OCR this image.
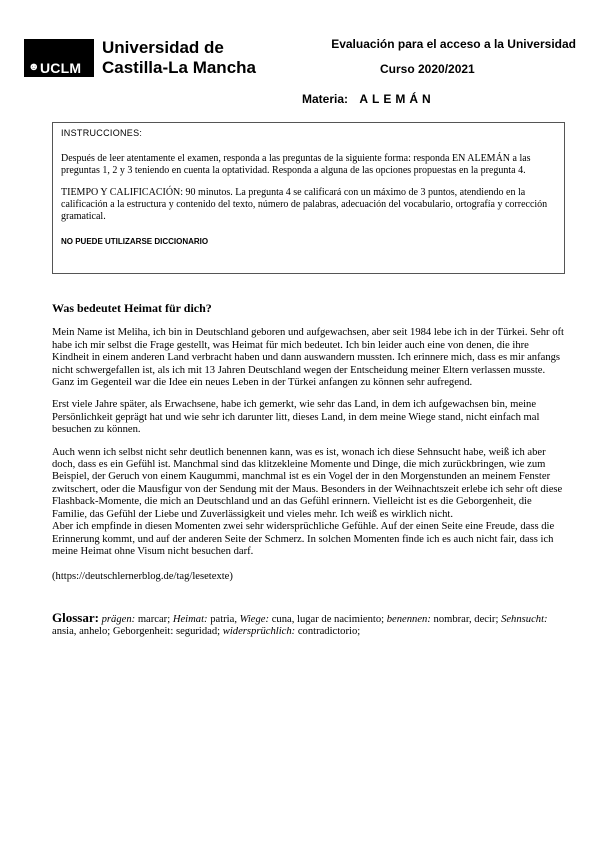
☻ UCLM
Universidad de
Castilla-La Mancha
Evaluación para el acceso a la Universidad
Curso 2020/2021
Materia: ALEMÁN
INSTRUCCIONES:

Después de leer atentamente el examen, responda a las preguntas de la siguiente forma: responda EN ALEMÁN a las preguntas 1, 2 y 3 teniendo en cuenta la optatividad. Responda a alguna de las opciones propuestas en la pregunta 4.

TIEMPO Y CALIFICACIÓN: 90 minutos. La pregunta 4 se calificará con un máximo de 3 puntos, atendiendo en la calificación a la estructura y contenido del texto, número de palabras, adecuación del vocabulario, ortografía y corrección gramatical.

NO PUEDE UTILIZARSE DICCIONARIO
Was bedeutet Heimat für dich?

Mein Name ist Meliha, ich bin in Deutschland geboren und aufgewachsen, aber seit 1984 lebe ich in der Türkei. Sehr oft habe ich mir selbst die Frage gestellt, was Heimat für mich bedeutet. Ich bin leider auch eine von denen, die ihre Kindheit in einem anderen Land verbracht haben und dann auswandern mussten. Ich erinnere mich, dass es mir anfangs nicht schwergefallen ist, als ich mit 13 Jahren Deutschland wegen der Entscheidung meiner Eltern verlassen musste. Ganz im Gegenteil war die Idee ein neues Leben in der Türkei anfangen zu können sehr aufregend.

Erst viele Jahre später, als Erwachsene, habe ich gemerkt, wie sehr das Land, in dem ich aufgewachsen bin, meine Persönlichkeit geprägt hat und wie sehr ich darunter litt, dieses Land, in dem meine Wiege stand, nicht einfach mal besuchen zu können.

Auch wenn ich selbst nicht sehr deutlich benennen kann, was es ist, wonach ich diese Sehnsucht habe, weiß ich aber doch, dass es ein Gefühl ist. Manchmal sind das klitzekleine Momente und Dinge, die mich zurückbringen, wie zum Beispiel, der Geruch von einem Kaugummi, manchmal ist es ein Vogel der in den Morgenstunden an meinem Fenster zwitschert, oder die Mausfigur von der Sendung mit der Maus. Besonders in der Weihnachtszeit erlebe ich sehr oft diese Flashback-Momente, die mich an Deutschland und an das Gefühl erinnern. Vielleicht ist es die Geborgenheit, die Familie, das Gefühl der Liebe und Zuverlässigkeit und vieles mehr. Ich weiß es wirklich nicht.

Aber ich empfinde in diesen Momenten zwei sehr widersprüchliche Gefühle. Auf der einen Seite eine Freude, dass die Erinnerung kommt, und auf der anderen Seite der Schmerz. In solchen Momenten finde ich es auch nicht fair, dass ich meine Heimat ohne Visum nicht besuchen darf.

(https://deutschlernerblog.de/tag/lesetexte)

Glossar: prägen: marcar; Heimat: patria, Wiege: cuna, lugar de nacimiento; benennen: nombrar, decir; Sehnsucht: ansia, anhelo; Geborgenheit: seguridad; widersprüchlich: contradictorio;
